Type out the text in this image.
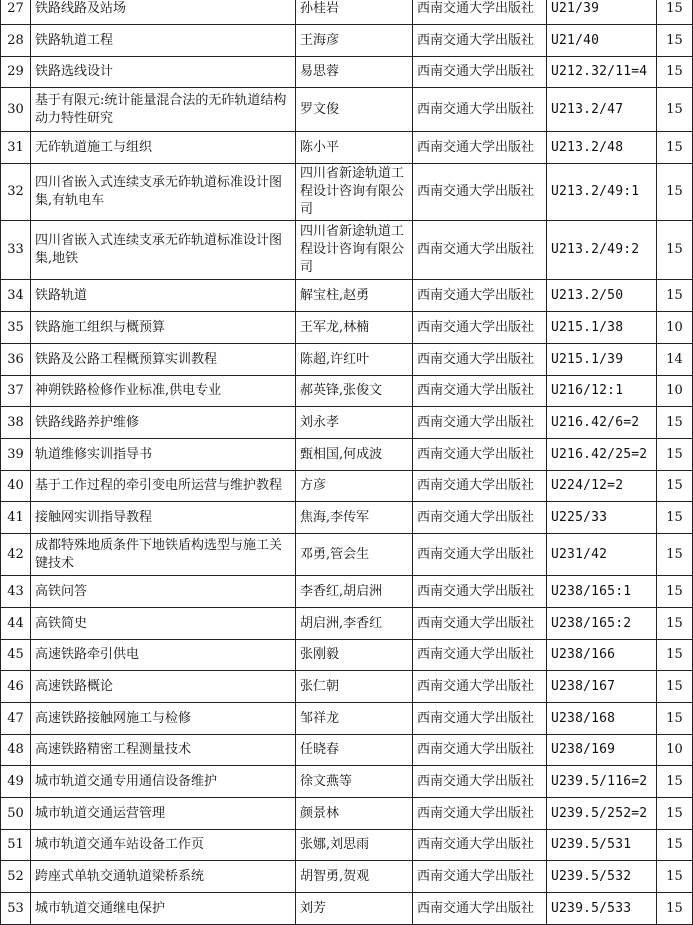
27	铁路线路及站场	孙桂岩	西南交通大学出版社	U21/39	15
28	铁路轨道工程	王海彦	西南交通大学出版社	U21/40	15
29	铁路选线设计	易思蓉	西南交通大学出版社	U212.32/11=4	15
30	基于有限元:统计能量混合法的无砟轨道结构动力特性研究	罗文俊	西南交通大学出版社	U213.2/47	15
31	无砟轨道施工与组织	陈小平	西南交通大学出版社	U213.2/48	15
32	四川省嵌入式连续支承无砟轨道标准设计图集,有轨电车	四川省新途轨道工程设计咨询有限公司	西南交通大学出版社	U213.2/49:1	15
33	四川省嵌入式连续支承无砟轨道标准设计图集,地铁	四川省新途轨道工程设计咨询有限公司	西南交通大学出版社	U213.2/49:2	15
34	铁路轨道	解宝柱,赵勇	西南交通大学出版社	U213.2/50	15
35	铁路施工组织与概预算	王军龙,林楠	西南交通大学出版社	U215.1/38	10
36	铁路及公路工程概预算实训教程	陈超,许红叶	西南交通大学出版社	U215.1/39	14
37	神朔铁路检修作业标准,供电专业	郝英锋,张俊文	西南交通大学出版社	U216/12:1	10
38	铁路线路养护维修	刘永孝	西南交通大学出版社	U216.42/6=2	15
39	轨道维修实训指导书	甄相国,何成波	西南交通大学出版社	U216.42/25=2	15
40	基于工作过程的牵引变电所运营与维护教程	方彦	西南交通大学出版社	U224/12=2	15
41	接触网实训指导教程	焦海,李传军	西南交通大学出版社	U225/33	15
42	成都特殊地质条件下地铁盾构选型与施工关键技术	邓勇,管会生	西南交通大学出版社	U231/42	15
43	高铁问答	李香红,胡启洲	西南交通大学出版社	U238/165:1	15
44	高铁简史	胡启洲,李香红	西南交通大学出版社	U238/165:2	15
45	高速铁路牵引供电	张刚毅	西南交通大学出版社	U238/166	15
46	高速铁路概论	张仁朝	西南交通大学出版社	U238/167	15
47	高速铁路接触网施工与检修	邹祥龙	西南交通大学出版社	U238/168	15
48	高速铁路精密工程测量技术	任晓春	西南交通大学出版社	U238/169	10
49	城市轨道交通专用通信设备维护	徐文燕等	西南交通大学出版社	U239.5/116=2	15
50	城市轨道交通运营管理	颜景林	西南交通大学出版社	U239.5/252=2	15
51	城市轨道交通车站设备工作页	张娜,刘思雨	西南交通大学出版社	U239.5/531	15
52	跨座式单轨交通轨道梁桥系统	胡智勇,贺观	西南交通大学出版社	U239.5/532	15
53	城市轨道交通继电保护	刘芳	西南交通大学出版社	U239.5/533	15
